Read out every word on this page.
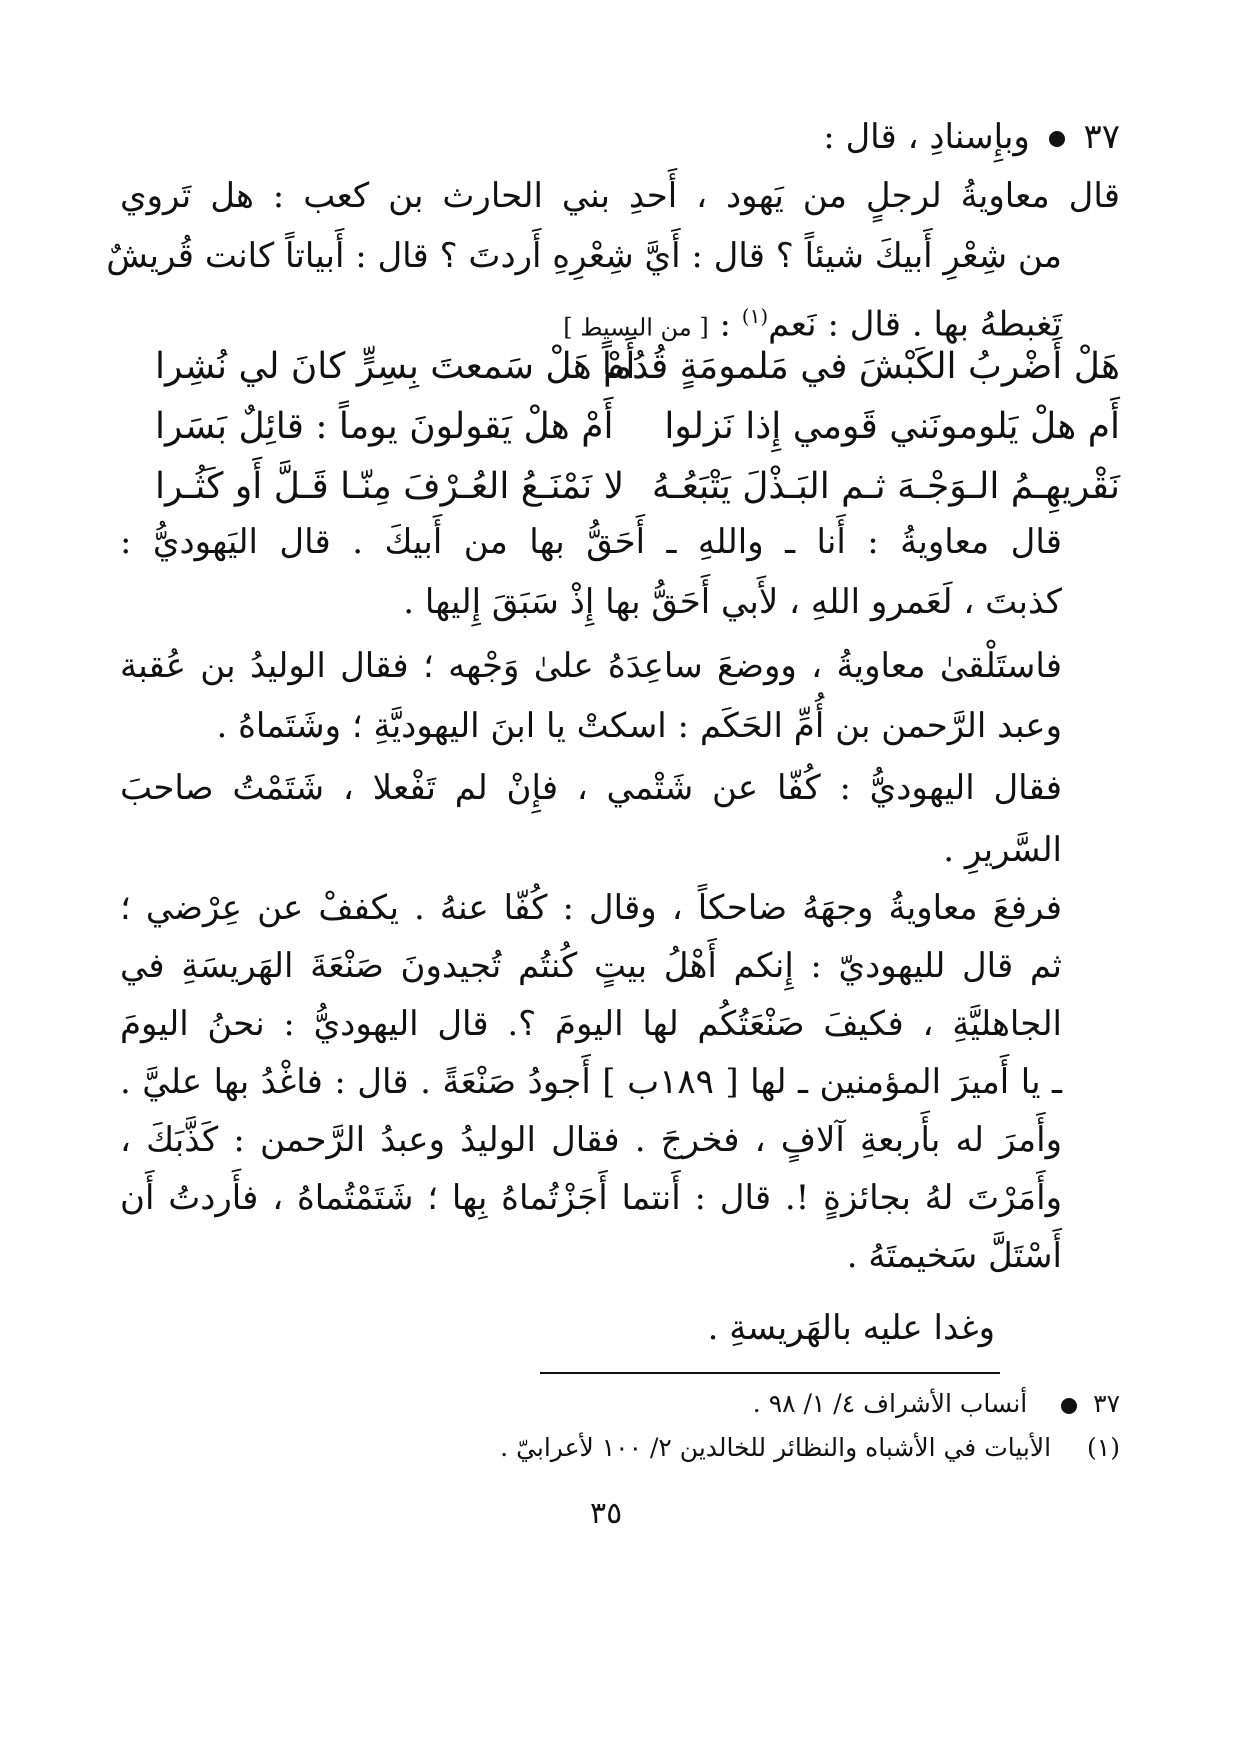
٣٧  وبإِسنادِ ، قال :
قال معاويةُ لرجلٍ من يَهود ، أَحدِ بني الحارث بن كعب : هل تَروي
من شِعْرِ أَبيكَ شيئاً ؟ قال : أَيَّ شِعْرِهِ أَردتَ ؟ قال : أَبياتاً كانت قُريشٌ
تَغبطهُ بها . قال : نَعم$^{(١)}$ : [ من البسيط ]
هَلْ أَضْربُ الكَبْشَ في مَلمومَةٍ قُدُماً
أَمْ هَلْ سَمعتَ بِسِرٍّ كانَ لي نُشِرا
أَم هلْ يَلومونَني قَومي إِذا نَزلوا
أَمْ هلْ يَقولونَ يوماً : قائِلٌ بَسَرا
نَقْريهِـمُ الـوَجْـهَ ثـم البَـذْلَ يَتْبَعُـهُ
لا نَمْنَـعُ العُـرْفَ مِنّـا قَـلَّ أَو كَثُـرا
قال معاويةُ : أَنا ـ واللهِ ـ أَحَقُّ بها من أَبيكَ . قال اليَهوديُّ :
كذبتَ ، لَعَمرو اللهِ ، لأَبي أَحَقُّ بها إِذْ سَبَقَ إِليها .
فاستَلْقىٰ معاويةُ ، ووضعَ ساعِدَهُ علىٰ وَجْهه ؛ فقال الوليدُ بن عُقبة
وعبد الرَّحمن بن أُمِّ الحَكَم : اسكتْ يا ابنَ اليهوديَّةِ ؛ وشَتَماهُ .
فقال اليهوديُّ : كُفّا عن شَتْمي ، فإِنْ لم تَفْعلا ، شَتَمْتُ صاحبَ
السَّريرِ .
فرفعَ معاويةُ وجهَهُ ضاحكاً ، وقال : كُفّا عنهُ . يكففْ عن عِرْضي ؛
ثم قال لليهوديّ : إِنكم أَهْلُ بيتٍ كُنتُم تُجيدونَ صَنْعَةَ الهَريسَةِ في
الجاهليَّةِ ، فكيفَ صَنْعَتُكُم لها اليومَ ؟. قال اليهوديُّ : نحنُ اليومَ
ـ يا أَميرَ المؤمنين ـ لها [ ١٨٩ب ] أَجودُ صَنْعَةً . قال : فاغْدُ بها عليَّ .
وأَمرَ له بأَربعةِ آلافٍ ، فخرجَ . فقال الوليدُ وعبدُ الرَّحمن : كَذَّبَكَ ،
وأَمَرْتَ لهُ بجائزةٍ !. قال : أَنتما أَجَزْتُماهُ بِها ؛ شَتَمْتُماهُ ، فأَردتُ أَن
أَسْتَلَّ سَخيمتَهُ .
وغدا عليه بالهَريسةِ .
٣٧  أنساب الأشراف ٤/ ١/ ٩٨ .
(١) الأبيات في الأشباه والنظائر للخالدين ٢/ ١٠٠ لأعرابيّ .
٣٥
